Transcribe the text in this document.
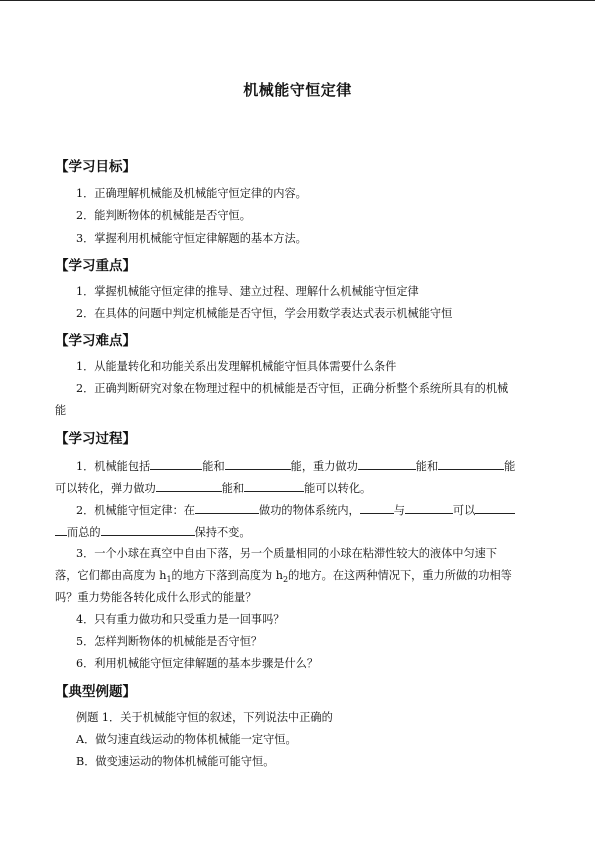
机械能守恒定律
【学习目标】
1．正确理解机械能及机械能守恒定律的内容。
2．能判断物体的机械能是否守恒。
3．掌握利用机械能守恒定律解题的基本方法。
【学习重点】
1．掌握机械能守恒定律的推导、建立过程、理解什么机械能守恒定律
2．在具体的问题中判定机械能是否守恒，学会用数学表达式表示机械能守恒
【学习难点】
1．从能量转化和功能关系出发理解机械能守恒具体需要什么条件
2．正确判断研究对象在物理过程中的机械能是否守恒，正确分析整个系统所具有的机械
能
【学习过程】
1．机械能包括	能和	能，重力做功	能和	能
可以转化，弹力做功	能和	能可以转化。
2．机械能守恒定律：在	做功的物体系统内，	与	可以
而总的	保持不变。
3．一个小球在真空中自由下落，另一个质量相同的小球在粘滞性较大的液体中匀速下
落，它们都由高度为 $h_1$的地方下落到高度为 $h_2$的地方。在这两种情况下，重力所做的功相等
吗？重力势能各转化成什么形式的能量？
4．只有重力做功和只受重力是一回事吗？
5．怎样判断物体的机械能是否守恒？
6．利用机械能守恒定律解题的基本步骤是什么？
【典型例题】
例题 1．关于机械能守恒的叙述，下列说法中正确的
A．做匀速直线运动的物体机械能一定守恒。
B．做变速运动的物体机械能可能守恒。
